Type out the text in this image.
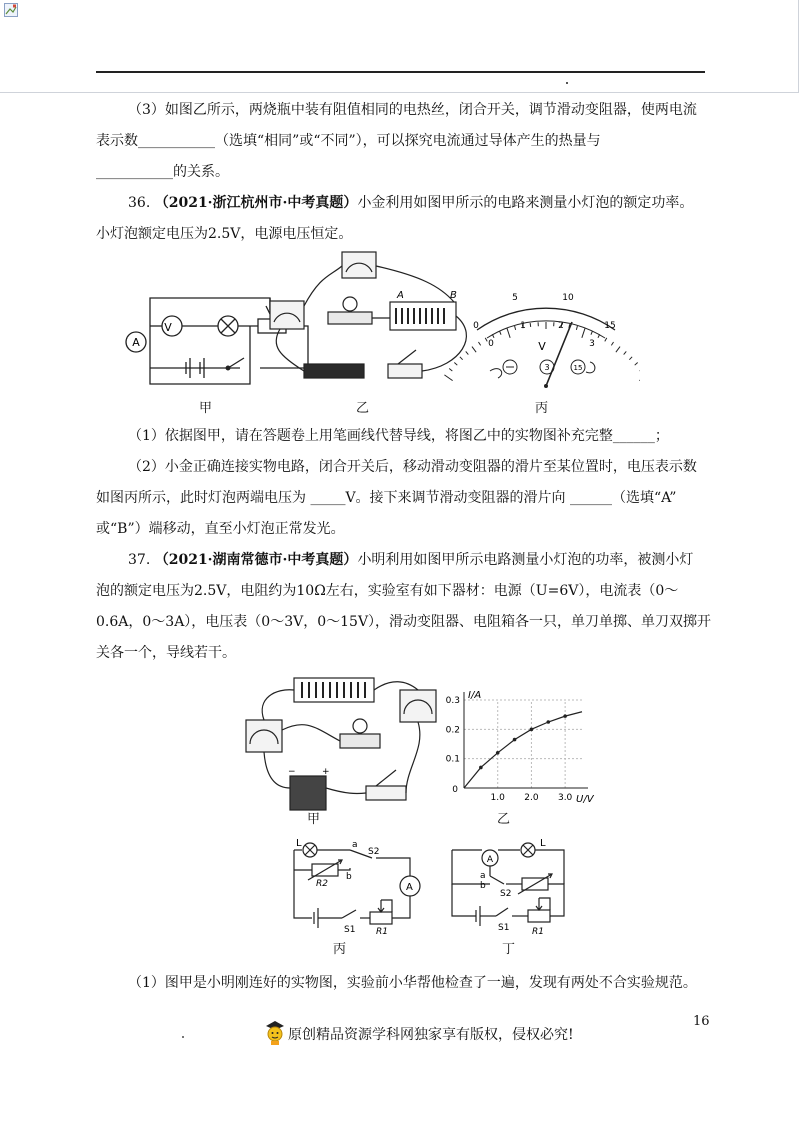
（3）如图乙所示，两烧瓶中装有阻值相同的电热丝，闭合开关，调节滑动变阻器，使两电流
表示数___________（选填“相同”或“不同”），可以探究电流通过导体产生的热量与
___________的关系。
36. （2021·浙江杭州市·中考真题）小金利用如图甲所示的电路来测量小灯泡的额定功率。
小灯泡额定电压为2.5V，电源电压恒定。
V
A
A	B
0
5	10
15
0
1	2
3
V
3	15
甲	乙	丙
（1）依据图甲，请在答题卷上用笔画线代替导线，将图乙中的实物图补充完整______；
（2）小金正确连接实物电路，闭合开关后，移动滑动变阻器的滑片至某位置时，电压表示数
如图丙所示，此时灯泡两端电压为 _____V。接下来调节滑动变阻器的滑片向 ______（选填“A”
或“B”）端移动，直至小灯泡正常发光。
37. （2021·湖南常德市·中考真题）小明利用如图甲所示电路测量小灯泡的功率，被测小灯
泡的额定电压为2.5V，电阻约为10Ω左右，实验室有如下器材：电源（U=6V），电流表（0～
0.6A，0～3A），电压表（0～3V，0～15V），滑动变阻器、电阻箱各一只，单刀单掷、单刀双掷开
关各一个，导线若干。
−	+
甲
1.0 2.0 3.0
0.1
0.2
0.3
0
I/A
U/V
乙
L	a
S2
b
R2	A
S1 R1
丙
A
L
a
b
S2
S1	R1
丁
（1）图甲是小明刚连好的实物图，实验前小华帮他检查了一遍，发现有两处不合实验规范。
16
原创精品资源学科网独家享有版权，侵权必究!
